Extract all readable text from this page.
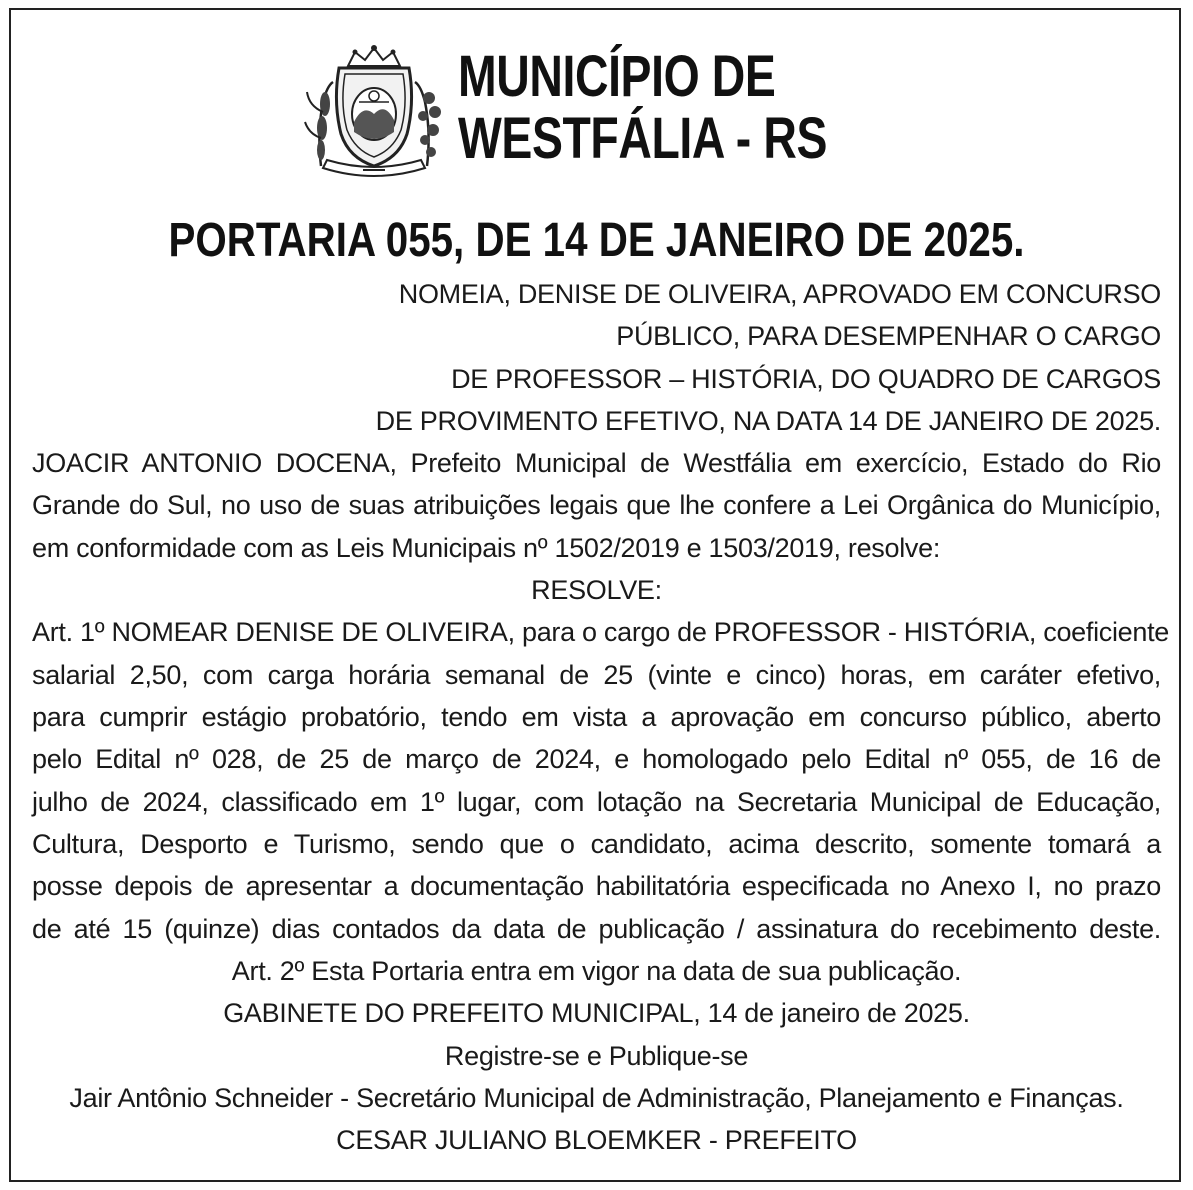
MUNICÍPIO DE
WESTFÁLIA - RS
PORTARIA 055, DE 14 DE JANEIRO DE 2025.
NOMEIA, DENISE DE OLIVEIRA, APROVADO EM CONCURSO
PÚBLICO, PARA DESEMPENHAR O CARGO
DE PROFESSOR – HISTÓRIA, DO QUADRO DE CARGOS
DE PROVIMENTO EFETIVO, NA DATA 14 DE JANEIRO DE 2025.
JOACIR ANTONIO DOCENA, Prefeito Municipal de Westfália em exercício, Estado do Rio
Grande do Sul, no uso de suas atribuições legais que lhe confere a Lei Orgânica do Município,
em conformidade com as Leis Municipais nº 1502/2019 e 1503/2019, resolve:
RESOLVE:
Art. 1º NOMEAR DENISE DE OLIVEIRA, para o cargo de PROFESSOR - HISTÓRIA, coeficiente
salarial 2,50, com carga horária semanal de 25 (vinte e cinco) horas, em caráter efetivo,
para cumprir estágio probatório, tendo em vista a aprovação em concurso público, aberto
pelo Edital nº 028, de 25 de março de 2024, e homologado pelo Edital nº 055, de 16 de
julho de 2024, classificado em 1º lugar, com lotação na Secretaria Municipal de Educação,
Cultura, Desporto e Turismo, sendo que o candidato, acima descrito, somente tomará a
posse depois de apresentar a documentação habilitatória especificada no Anexo I, no prazo
de até 15 (quinze) dias contados da data de publicação / assinatura do recebimento deste.
Art. 2º Esta Portaria entra em vigor na data de sua publicação.
GABINETE DO PREFEITO MUNICIPAL, 14 de janeiro de 2025.
Registre-se e Publique-se
Jair Antônio Schneider - Secretário Municipal de Administração, Planejamento e Finanças.
CESAR JULIANO BLOEMKER - PREFEITO
